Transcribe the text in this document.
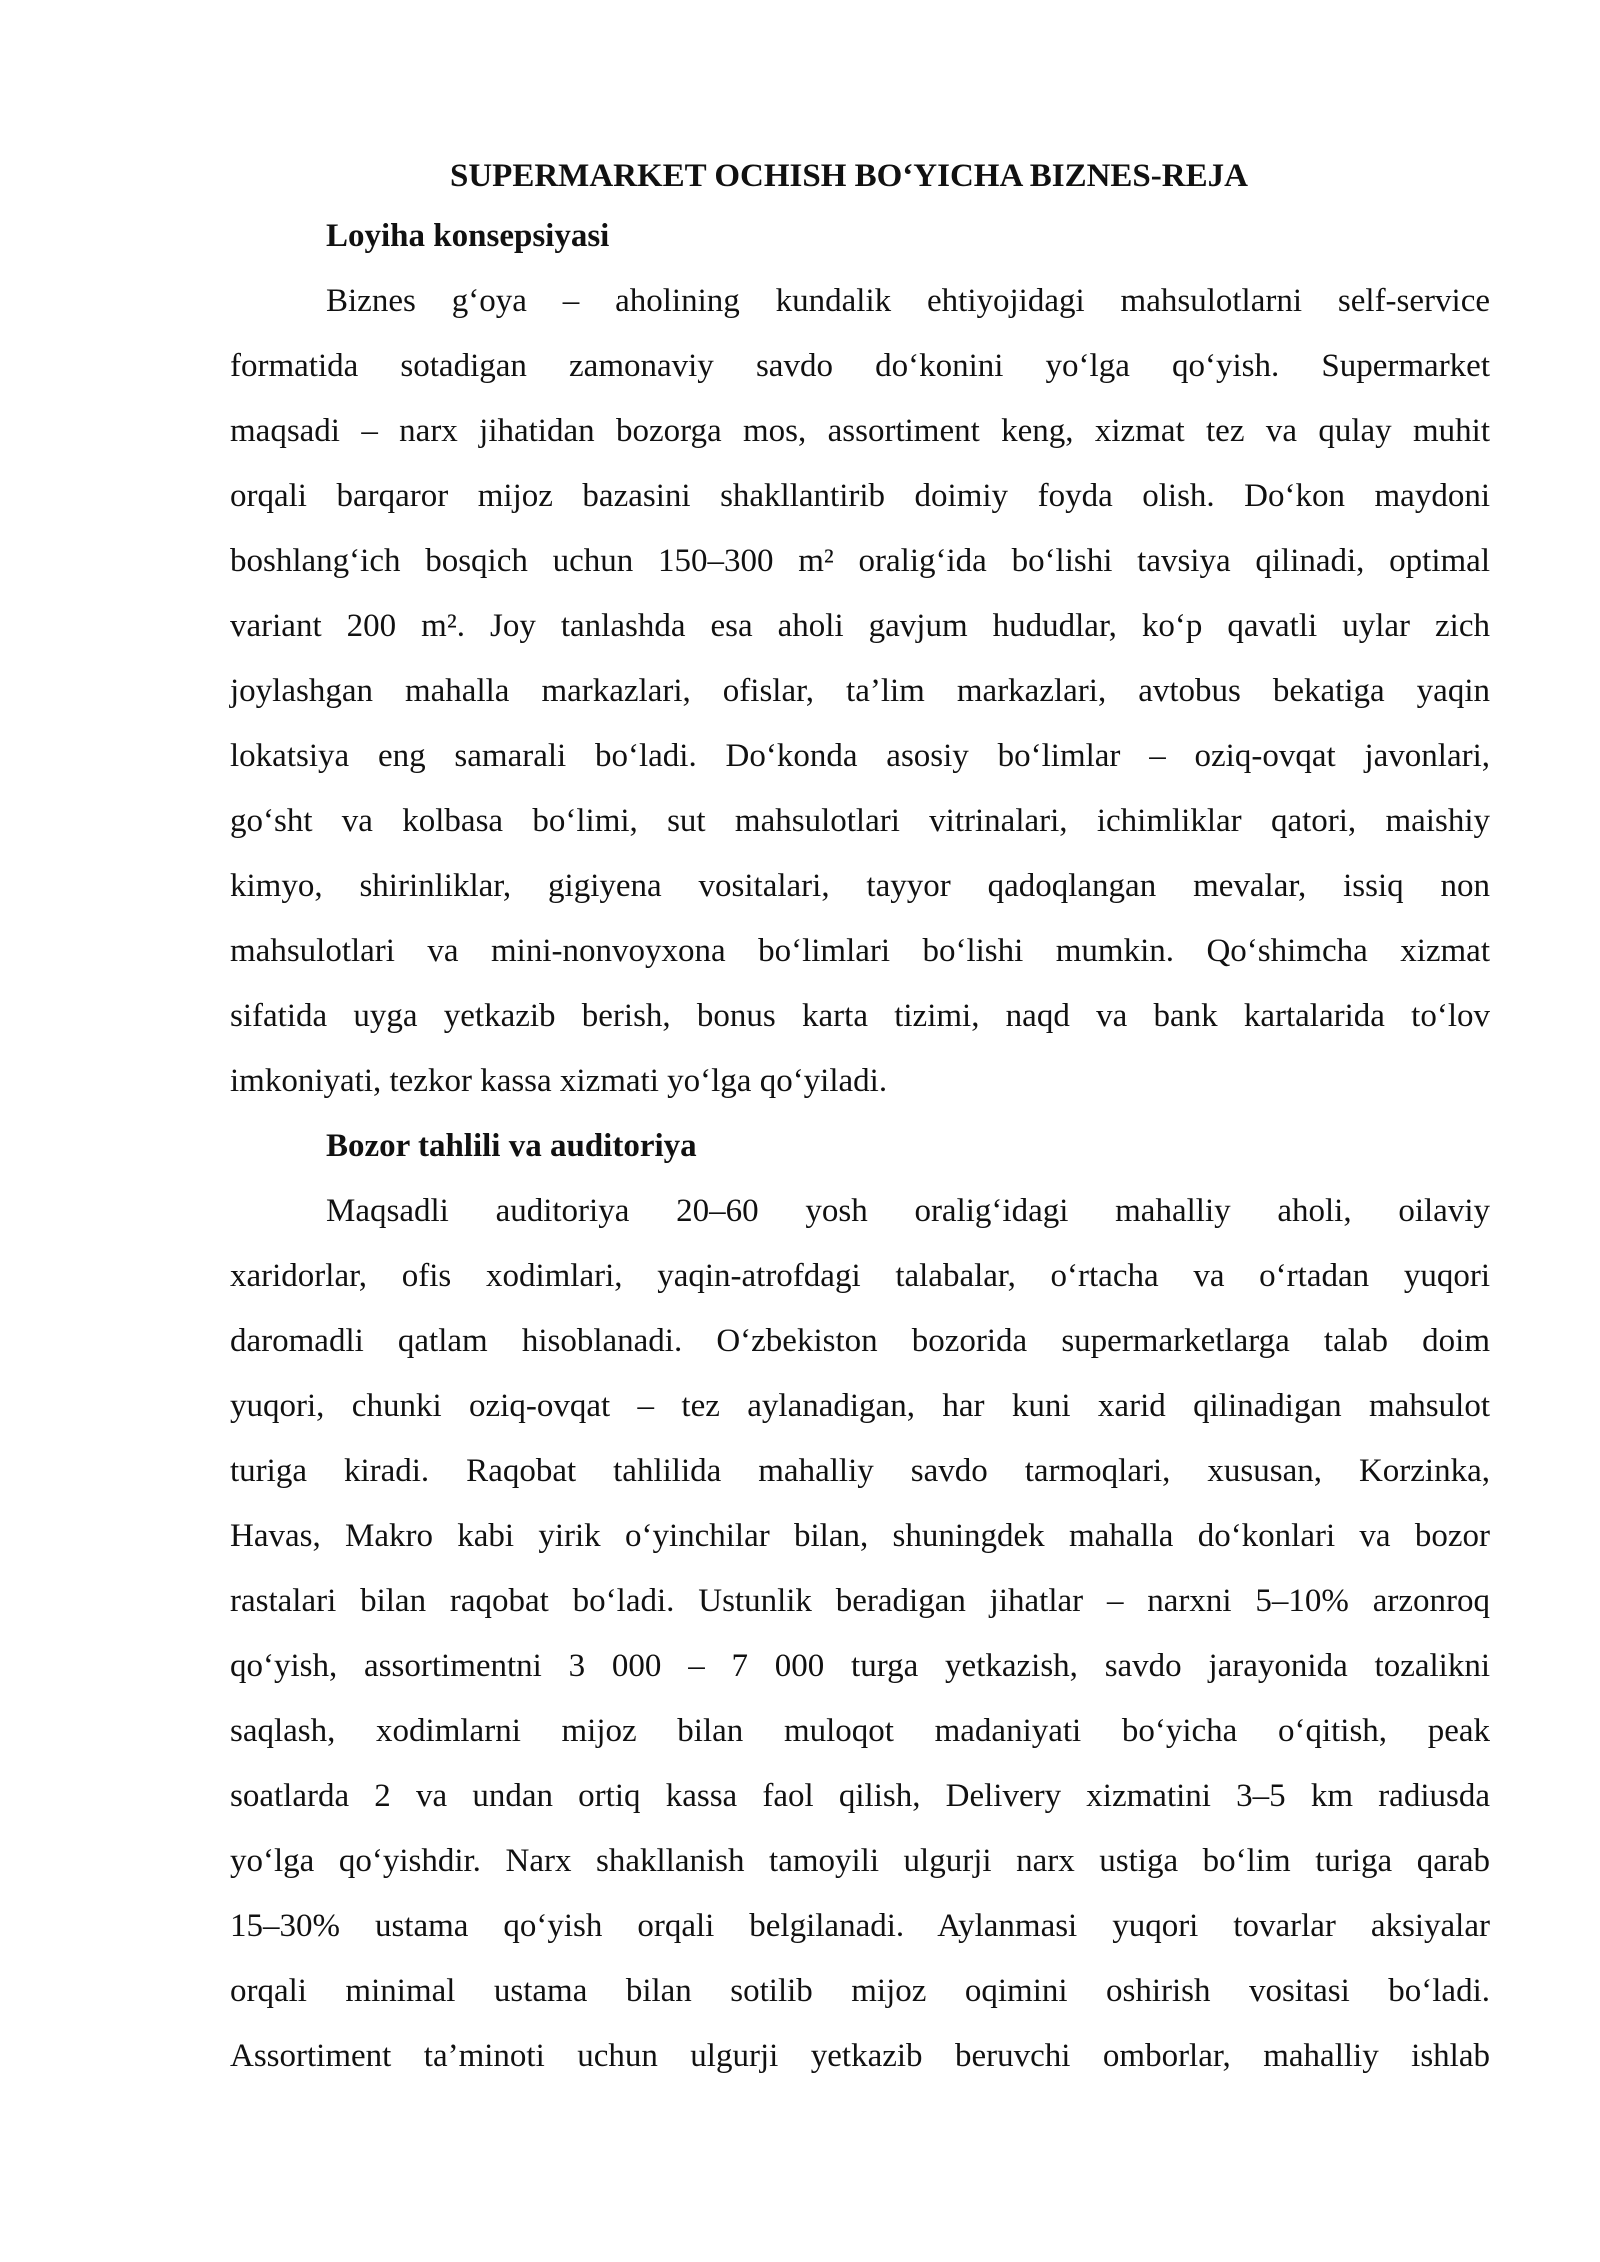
SUPERMARKET OCHISH BO‘YICHA BIZNES-REJA
Loyiha konsepsiyasi
Biznes g‘oya – aholining kundalik ehtiyojidagi mahsulotlarni self-service
formatida sotadigan zamonaviy savdo do‘konini yo‘lga qo‘yish. Supermarket
maqsadi – narx jihatidan bozorga mos, assortiment keng, xizmat tez va qulay muhit
orqali barqaror mijoz bazasini shakllantirib doimiy foyda olish. Do‘kon maydoni
boshlang‘ich bosqich uchun 150–300 m² oralig‘ida bo‘lishi tavsiya qilinadi, optimal
variant 200 m². Joy tanlashda esa aholi gavjum hududlar, ko‘p qavatli uylar zich
joylashgan mahalla markazlari, ofislar, ta’lim markazlari, avtobus bekatiga yaqin
lokatsiya eng samarali bo‘ladi. Do‘konda asosiy bo‘limlar – oziq-ovqat javonlari,
go‘sht va kolbasa bo‘limi, sut mahsulotlari vitrinalari, ichimliklar qatori, maishiy
kimyo, shirinliklar, gigiyena vositalari, tayyor qadoqlangan mevalar, issiq non
mahsulotlari va mini-nonvoyxona bo‘limlari bo‘lishi mumkin. Qo‘shimcha xizmat
sifatida uyga yetkazib berish, bonus karta tizimi, naqd va bank kartalarida to‘lov
imkoniyati, tezkor kassa xizmati yo‘lga qo‘yiladi.
Bozor tahlili va auditoriya
Maqsadli auditoriya 20–60 yosh oralig‘idagi mahalliy aholi, oilaviy
xaridorlar, ofis xodimlari, yaqin-atrofdagi talabalar, o‘rtacha va o‘rtadan yuqori
daromadli qatlam hisoblanadi. O‘zbekiston bozorida supermarketlarga talab doim
yuqori, chunki oziq-ovqat – tez aylanadigan, har kuni xarid qilinadigan mahsulot
turiga kiradi. Raqobat tahlilida mahalliy savdo tarmoqlari, xususan, Korzinka,
Havas, Makro kabi yirik o‘yinchilar bilan, shuningdek mahalla do‘konlari va bozor
rastalari bilan raqobat bo‘ladi. Ustunlik beradigan jihatlar – narxni 5–10% arzonroq
qo‘yish, assortimentni 3 000 – 7 000 turga yetkazish, savdo jarayonida tozalikni
saqlash, xodimlarni mijoz bilan muloqot madaniyati bo‘yicha o‘qitish, peak
soatlarda 2 va undan ortiq kassa faol qilish, Delivery xizmatini 3–5 km radiusda
yo‘lga qo‘yishdir. Narx shakllanish tamoyili ulgurji narx ustiga bo‘lim turiga qarab
15–30% ustama qo‘yish orqali belgilanadi. Aylanmasi yuqori tovarlar aksiyalar
orqali minimal ustama bilan sotilib mijoz oqimini oshirish vositasi bo‘ladi.
Assortiment ta’minoti uchun ulgurji yetkazib beruvchi omborlar, mahalliy ishlab
